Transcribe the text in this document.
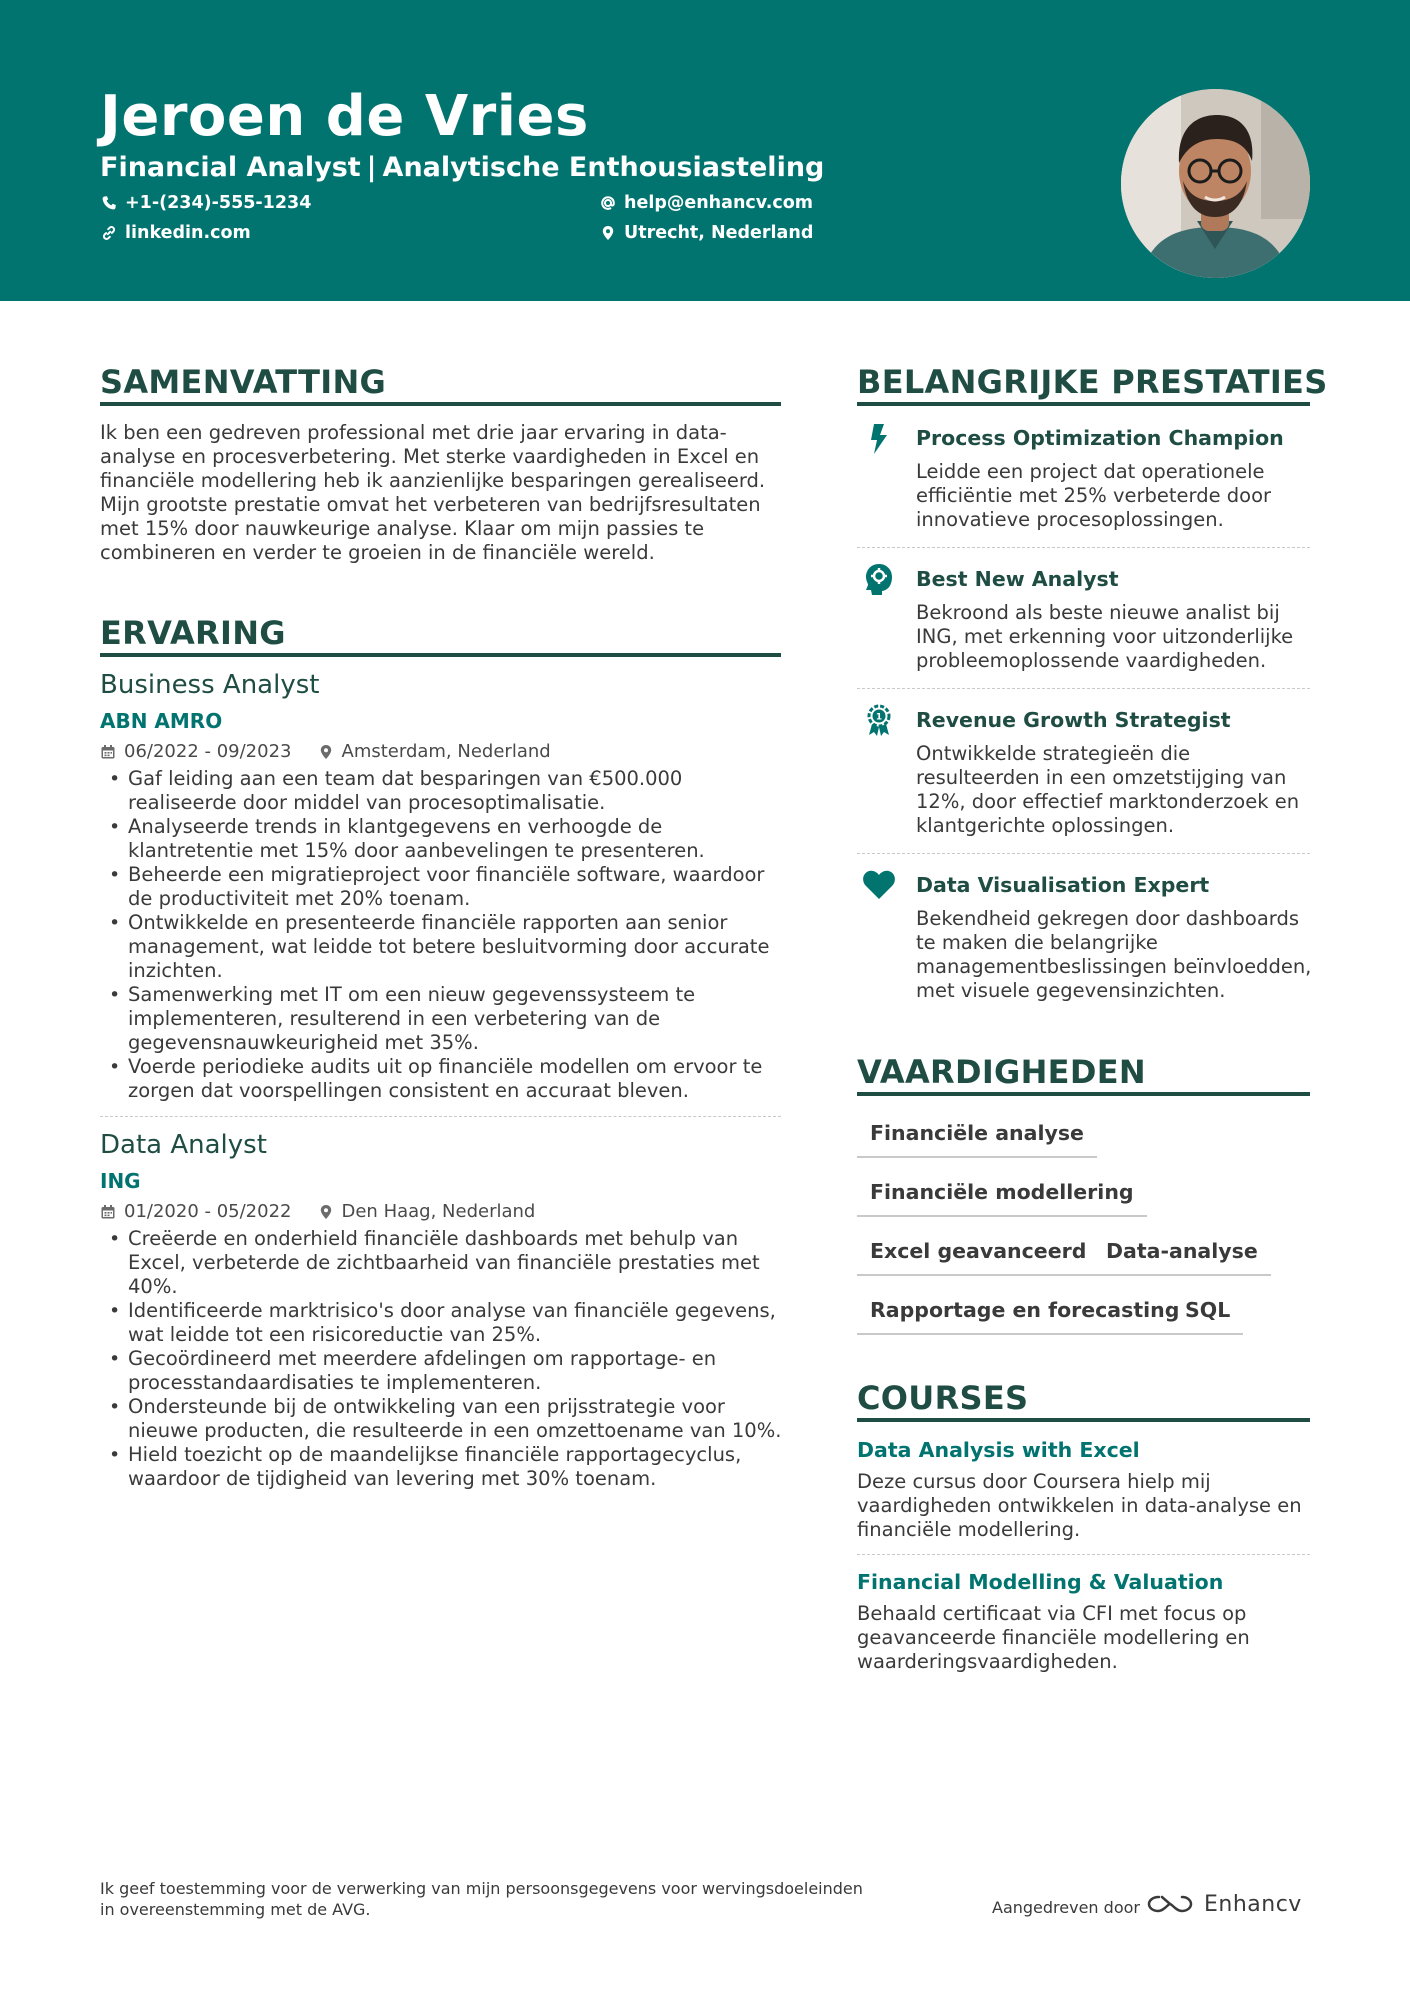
Jeroen de Vries
Financial Analyst | Analytische Enthousiasteling
+1-(234)-555-1234	help@enhancv.com
linkedin.com	Utrecht, Nederland
SAMENVATTING
Ik ben een gedreven professional met drie jaar ervaring in data-analyse en procesverbetering. Met sterke vaardigheden in Excel en financiële modellering heb ik aanzienlijke besparingen gerealiseerd. Mijn grootste prestatie omvat het verbeteren van bedrijfsresultaten met 15% door nauwkeurige analyse. Klaar om mijn passies te combineren en verder te groeien in de financiële wereld.
ERVARING
Business Analyst
ABN AMRO
06/2022 - 09/2023	Amsterdam, Nederland
• Gaf leiding aan een team dat besparingen van €500.000 realiseerde door middel van procesoptimalisatie.
• Analyseerde trends in klantgegevens en verhoogde de klantretentie met 15% door aanbevelingen te presenteren.
• Beheerde een migratieproject voor financiële software, waardoor de productiviteit met 20% toenam.
• Ontwikkelde en presenteerde financiële rapporten aan senior management, wat leidde tot betere besluitvorming door accurate inzichten.
• Samenwerking met IT om een nieuw gegevenssysteem te implementeren, resulterend in een verbetering van de gegevensnauwkeurigheid met 35%.
• Voerde periodieke audits uit op financiële modellen om ervoor te zorgen dat voorspellingen consistent en accuraat bleven.
Data Analyst
ING
01/2020 - 05/2022	Den Haag, Nederland
• Creëerde en onderhield financiële dashboards met behulp van Excel, verbeterde de zichtbaarheid van financiële prestaties met 40%.
• Identificeerde marktrisico's door analyse van financiële gegevens, wat leidde tot een risicoreductie van 25%.
• Gecoördineerd met meerdere afdelingen om rapportage- en processtandaardisaties te implementeren.
• Ondersteunde bij de ontwikkeling van een prijsstrategie voor nieuwe producten, die resulteerde in een omzettoename van 10%.
• Hield toezicht op de maandelijkse financiële rapportagecyclus, waardoor de tijdigheid van levering met 30% toenam.
BELANGRIJKE PRESTATIES
Process Optimization Champion
Leidde een project dat operationele efficiëntie met 25% verbeterde door innovatieve procesoplossingen.
Best New Analyst
Bekroond als beste nieuwe analist bij ING, met erkenning voor uitzonderlijke probleemoplossende vaardigheden.
1 Revenue Growth Strategist
Ontwikkelde strategieën die resulteerden in een omzetstijging van 12%, door effectief marktonderzoek en klantgerichte oplossingen.
Data Visualisation Expert
Bekendheid gekregen door dashboards te maken die belangrijke managementbeslissingen beïnvloedden, met visuele gegevensinzichten.
VAARDIGHEDEN
Financiële analyse
Financiële modellering
Excel geavanceerd Data-analyse
Rapportage en forecasting SQL
COURSES
Data Analysis with Excel
Deze cursus door Coursera hielp mij vaardigheden ontwikkelen in data-analyse en financiële modellering.
Financial Modelling & Valuation
Behaald certificaat via CFI met focus op geavanceerde financiële modellering en waarderingsvaardigheden.
Ik geef toestemming voor de verwerking van mijn persoonsgegevens voor wervingsdoeleinden in overeenstemming met de AVG.	Aangedreven door	Enhancv
